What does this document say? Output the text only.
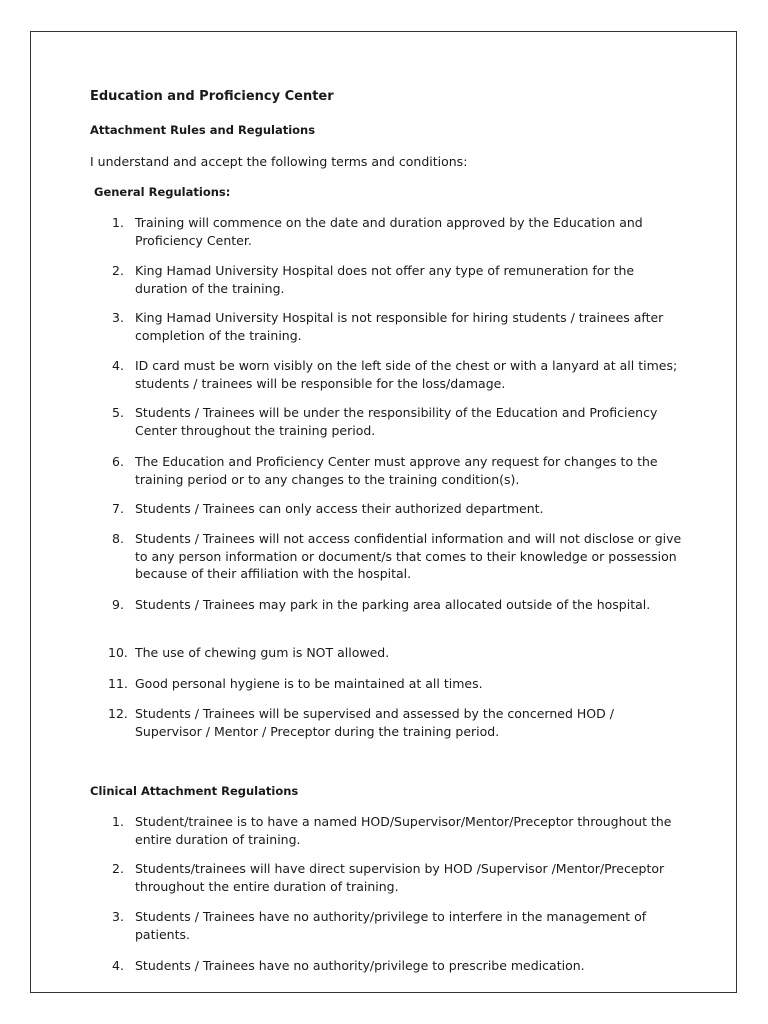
Education and Proficiency Center
Attachment Rules and Regulations

I understand and accept the following terms and conditions:

General Regulations:
1. Training will commence on the date and duration approved by the Education and Proficiency Center.
2. King Hamad University Hospital does not offer any type of remuneration for the duration of the training.
3. King Hamad University Hospital is not responsible for hiring students / trainees after completion of the training.
4. ID card must be worn visibly on the left side of the chest or with a lanyard at all times; students / trainees will be responsible for the loss/damage.
5. Students / Trainees will be under the responsibility of the Education and Proficiency Center throughout the training period.
6. The Education and Proficiency Center must approve any request for changes to the training period or to any changes to the training condition(s).
7. Students / Trainees can only access their authorized department.
8. Students / Trainees will not access confidential information and will not disclose or give to any person information or document/s that comes to their knowledge or possession because of their affiliation with the hospital.
9. Students / Trainees may park in the parking area allocated outside of the hospital.
10. The use of chewing gum is NOT allowed.
11. Good personal hygiene is to be maintained at all times.
12. Students / Trainees will be supervised and assessed by the concerned HOD / Supervisor / Mentor / Preceptor during the training period.
Clinical Attachment Regulations
1. Student/trainee is to have a named HOD/Supervisor/Mentor/Preceptor throughout the entire duration of training.
2. Students/trainees will have direct supervision by HOD /Supervisor /Mentor/Preceptor throughout the entire duration of training.
3. Students / Trainees have no authority/privilege to interfere in the management of patients.
4. Students / Trainees have no authority/privilege to prescribe medication.
